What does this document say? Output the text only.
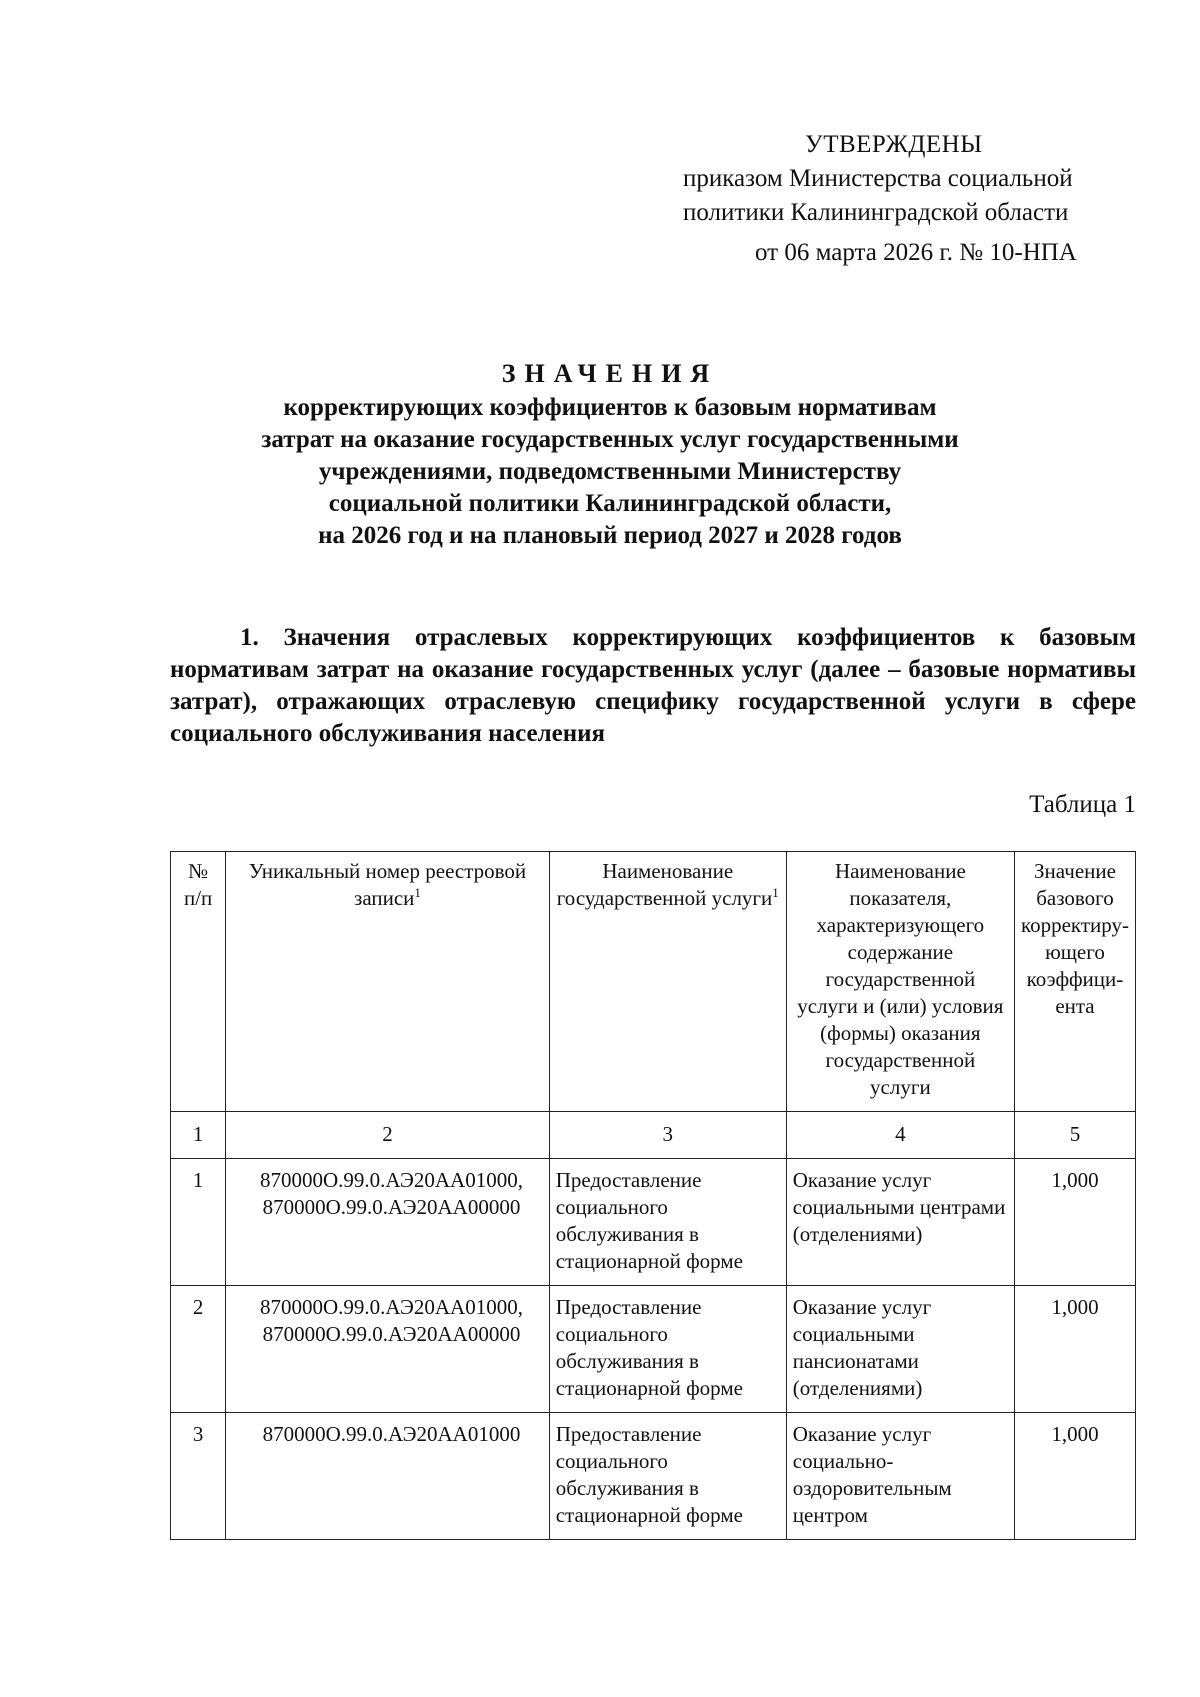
УТВЕРЖДЕНЫ
приказом Министерства социальной
политики Калининградской области
от 06 марта 2026 г. № 10-НПА
ЗНАЧЕНИЯ
корректирующих коэффициентов к базовым нормативам
затрат на оказание государственных услуг государственными
учреждениями, подведомственными Министерству
социальной политики Калининградской области,
на 2026 год и на плановый период 2027 и 2028 годов

1. Значения отраслевых корректирующих коэффициентов к базовым нормативам затрат на оказание государственных услуг (далее – базовые нормативы затрат), отражающих отраслевую специфику государственной услуги в сфере социального обслуживания населения

Таблица 1
№ п/п	Уникальный номер реестровой записи$^1$	Наименование государственной услуги$^1$	Наименование показателя, характеризующего содержание государственной услуги и (или) условия (формы) оказания государственной услуги	Значение базового корректиру-ющего коэффици-ента
1	2	3	4	5
1	870000О.99.0.АЭ20АА01000, 870000О.99.0.АЭ20АА00000	Предоставление социального обслуживания в стационарной форме	Оказание услуг социальными центрами (отделениями)	1,000
2	870000О.99.0.АЭ20АА01000, 870000О.99.0.АЭ20АА00000	Предоставление социального обслуживания в стационарной форме	Оказание услуг социальными пансионатами (отделениями)	1,000
3	870000О.99.0.АЭ20АА01000	Предоставление социального обслуживания в стационарной форме	Оказание услуг социально-оздоровительным центром	1,000
